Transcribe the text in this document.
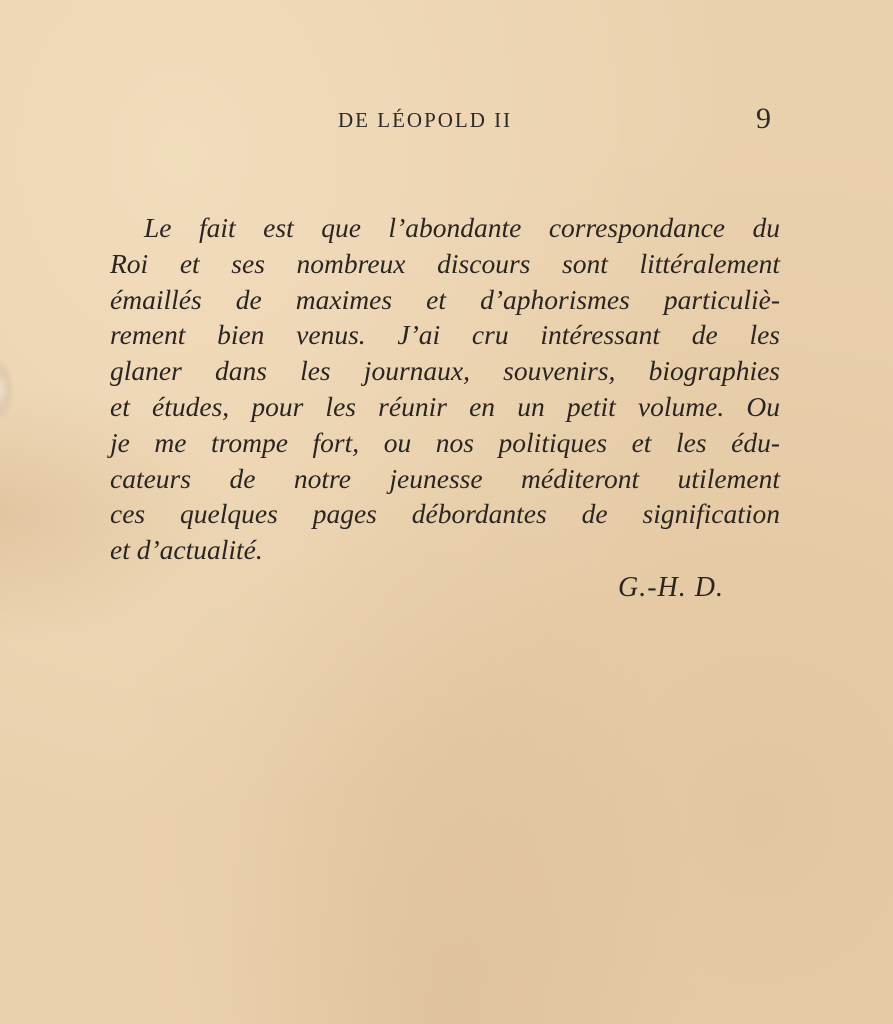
DE LÉOPOLD II	9
Le fait est que l’abondante correspondance du
Roi et ses nombreux discours sont littéralement
émaillés de maximes et d’aphorismes particuliè-
rement bien venus. J’ai cru intéressant de les
glaner dans les journaux, souvenirs, biographies
et études, pour les réunir en un petit volume. Ou
je me trompe fort, ou nos politiques et les édu-
cateurs de notre jeunesse méditeront utilement
ces quelques pages débordantes de signification
et d’actualité.
G.-H. D.
